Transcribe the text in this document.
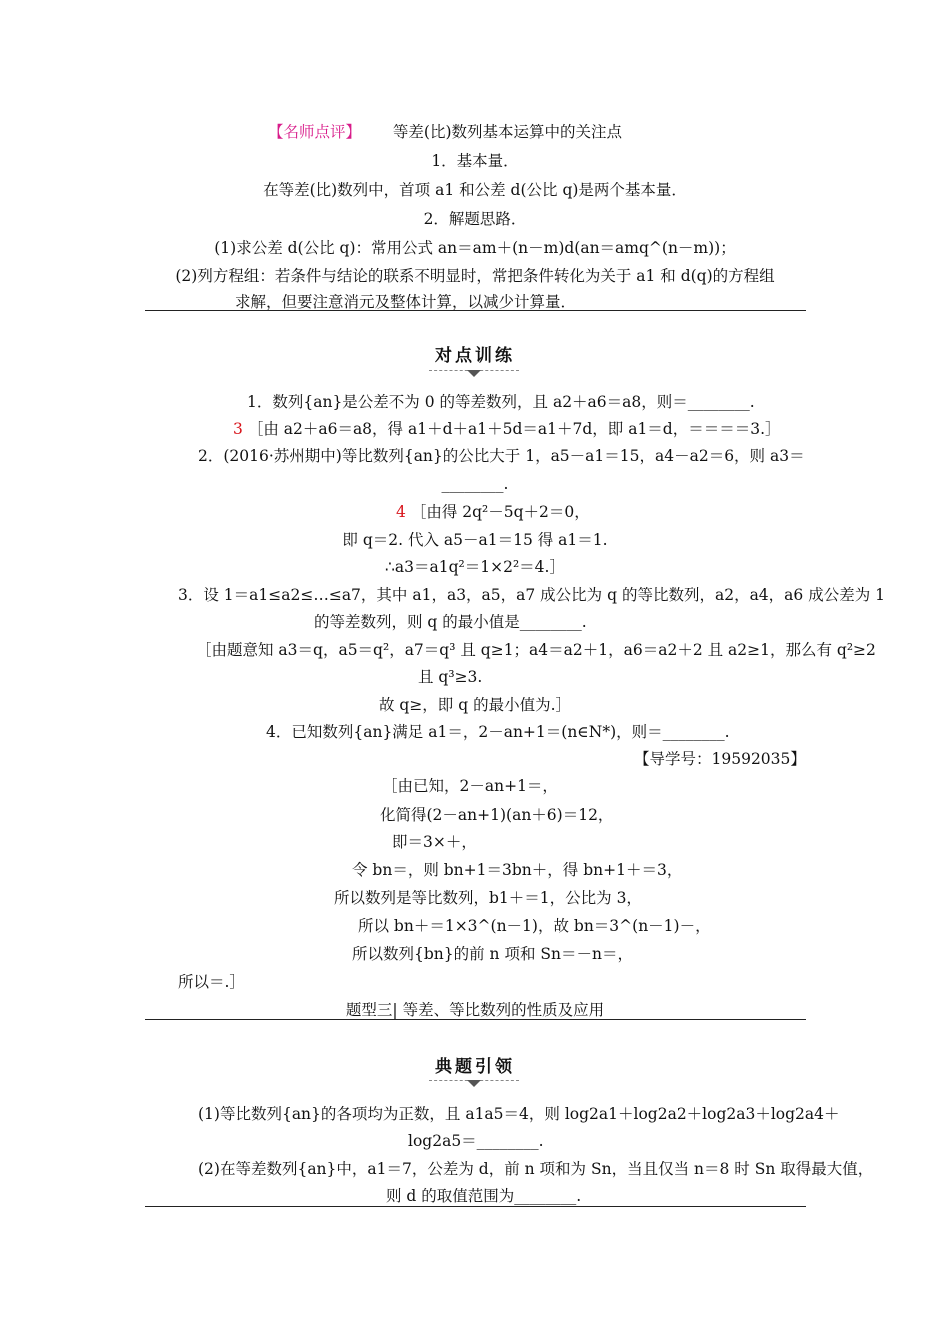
【名师点评】 等差(比)数列基本运算中的关注点
1．基本量．
在等差(比)数列中，首项 a1 和公差 d(公比 q)是两个基本量．
2．解题思路．
(1)求公差 d(公比 q)：常用公式 an＝am＋(n－m)d(an＝amq^(n－m))；
(2)列方程组：若条件与结论的联系不明显时，常把条件转化为关于 a1 和 d(q)的方程组
求解，但要注意消元及整体计算，以减少计算量．
对点训练
1．数列{an}是公差不为 0 的等差数列，且 a2＋a6＝a8，则＝________.
3 ［由 a2＋a6＝a8，得 a1＋d＋a1＋5d＝a1＋7d，即 a1＝d，＝＝＝＝3.］
2．(2016·苏州期中)等比数列{an}的公比大于 1，a5－a1＝15，a4－a2＝6，则 a3＝
________.
4 ［由得 2q²－5q＋2＝0，
即 q＝2. 代入 a5－a1＝15 得 a1＝1.
∴a3＝a1q²＝1×2²＝4.］
3．设 1＝a1≤a2≤…≤a7，其中 a1，a3，a5，a7 成公比为 q 的等比数列，a2，a4，a6 成公差为 1
的等差数列，则 q 的最小值是________.
［由题意知 a3＝q，a5＝q²，a7＝q³ 且 q≥1；a4＝a2＋1，a6＝a2＋2 且 a2≥1，那么有 q²≥2
且 q³≥3.
故 q≥，即 q 的最小值为.］
4．已知数列{an}满足 a1＝，2－an+1＝(n∈N*)，则＝________.
【导学号：19592035】
［由已知，2－an+1＝，
化简得(2－an+1)(an＋6)＝12，
即＝3×＋，
令 bn＝，则 bn+1＝3bn＋，得 bn+1＋＝3，
所以数列是等比数列，b1＋＝1，公比为 3，
所以 bn＋＝1×3^(n－1)，故 bn＝3^(n－1)－，
所以数列{bn}的前 n 项和 Sn＝－n＝，
所以＝.］
题型三| 等差、等比数列的性质及应用
典题引领
(1)等比数列{an}的各项均为正数，且 a1a5＝4，则 log2a1＋log2a2＋log2a3＋log2a4＋
log2a5＝________.
(2)在等差数列{an}中，a1＝7，公差为 d，前 n 项和为 Sn，当且仅当 n＝8 时 Sn 取得最大值，
则 d 的取值范围为________.
